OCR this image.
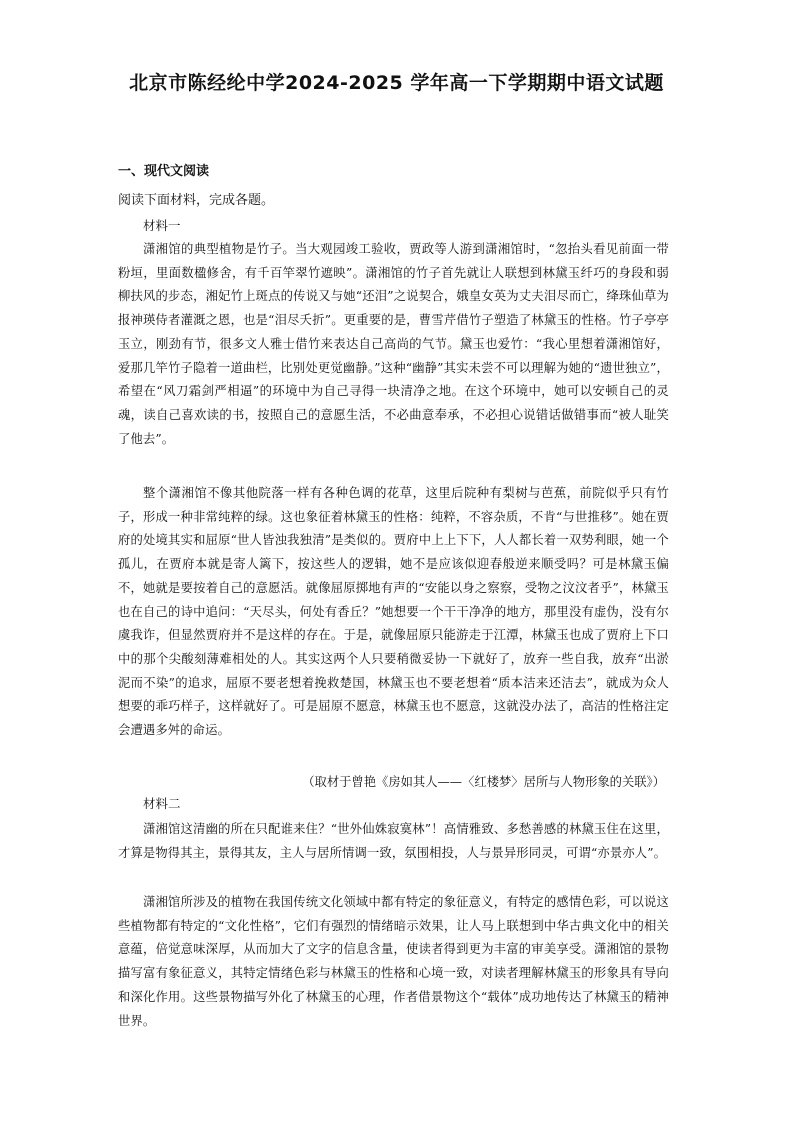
北京市陈经纶中学2024-2025 学年高一下学期期中语文试题
一、现代文阅读
阅读下面材料，完成各题。
材料一
潇湘馆的典型植物是竹子。当大观园竣工验收，贾政等人游到潇湘馆时，“忽抬头看见前面一带粉垣，里面数楹修舍，有千百竿翠竹遮映”。潇湘馆的竹子首先就让人联想到林黛玉纤巧的身段和弱柳扶风的步态，湘妃竹上斑点的传说又与她“还泪”之说契合，娥皇女英为丈夫泪尽而亡，绛珠仙草为报神瑛侍者灌溉之恩，也是“泪尽夭折”。更重要的是，曹雪芹借竹子塑造了林黛玉的性格。竹子亭亭玉立，刚劲有节，很多文人雅士借竹来表达自己高尚的气节。黛玉也爱竹：“我心里想着潇湘馆好，爱那几竿竹子隐着一道曲栏，比别处更觉幽静。”这种“幽静”其实未尝不可以理解为她的“遗世独立”，希望在“风刀霜剑严相逼”的环境中为自己寻得一块清净之地。在这个环境中，她可以安顿自己的灵魂，读自己喜欢读的书，按照自己的意愿生活，不必曲意奉承，不必担心说错话做错事而“被人耻笑了他去”。
整个潇湘馆不像其他院落一样有各种色调的花草，这里后院种有梨树与芭蕉，前院似乎只有竹子，形成一种非常纯粹的绿。这也象征着林黛玉的性格：纯粹，不容杂质，不肯“与世推移”。她在贾府的处境其实和屈原“世人皆浊我独清”是类似的。贾府中上上下下，人人都长着一双势利眼，她一个孤儿，在贾府本就是寄人篱下，按这些人的逻辑，她不是应该似迎春般逆来顺受吗？可是林黛玉偏不，她就是要按着自己的意愿活。就像屈原掷地有声的“安能以身之察察，受物之汶汶者乎”，林黛玉也在自己的诗中追问：“天尽头，何处有香丘？”她想要一个干干净净的地方，那里没有虚伪，没有尔虞我诈，但显然贾府并不是这样的存在。于是，就像屈原只能游走于江潭，林黛玉也成了贾府上下口中的那个尖酸刻薄难相处的人。其实这两个人只要稍微妥协一下就好了，放弃一些自我，放弃“出淤泥而不染”的追求，屈原不要老想着挽救楚国，林黛玉也不要老想着“质本洁来还洁去”，就成为众人想要的乖巧样子，这样就好了。可是屈原不愿意，林黛玉也不愿意，这就没办法了，高洁的性格注定会遭遇多舛的命运。
（取材于曾艳《房如其人——〈红楼梦〉居所与人物形象的关联》）
材料二
潇湘馆这清幽的所在只配谁来住？“世外仙姝寂寞林”！高情雅致、多愁善感的林黛玉住在这里，才算是物得其主，景得其友，主人与居所情调一致，氛围相投，人与景异形同灵，可谓“亦景亦人”。
潇湘馆所涉及的植物在我国传统文化领域中都有特定的象征意义，有特定的感情色彩，可以说这些植物都有特定的“文化性格”，它们有强烈的情绪暗示效果，让人马上联想到中华古典文化中的相关意蕴，倍觉意味深厚，从而加大了文字的信息含量，使读者得到更为丰富的审美享受。潇湘馆的景物描写富有象征意义，其特定情绪色彩与林黛玉的性格和心境一致，对读者理解林黛玉的形象具有导向和深化作用。这些景物描写外化了林黛玉的心理，作者借景物这个“载体”成功地传达了林黛玉的精神世界。
